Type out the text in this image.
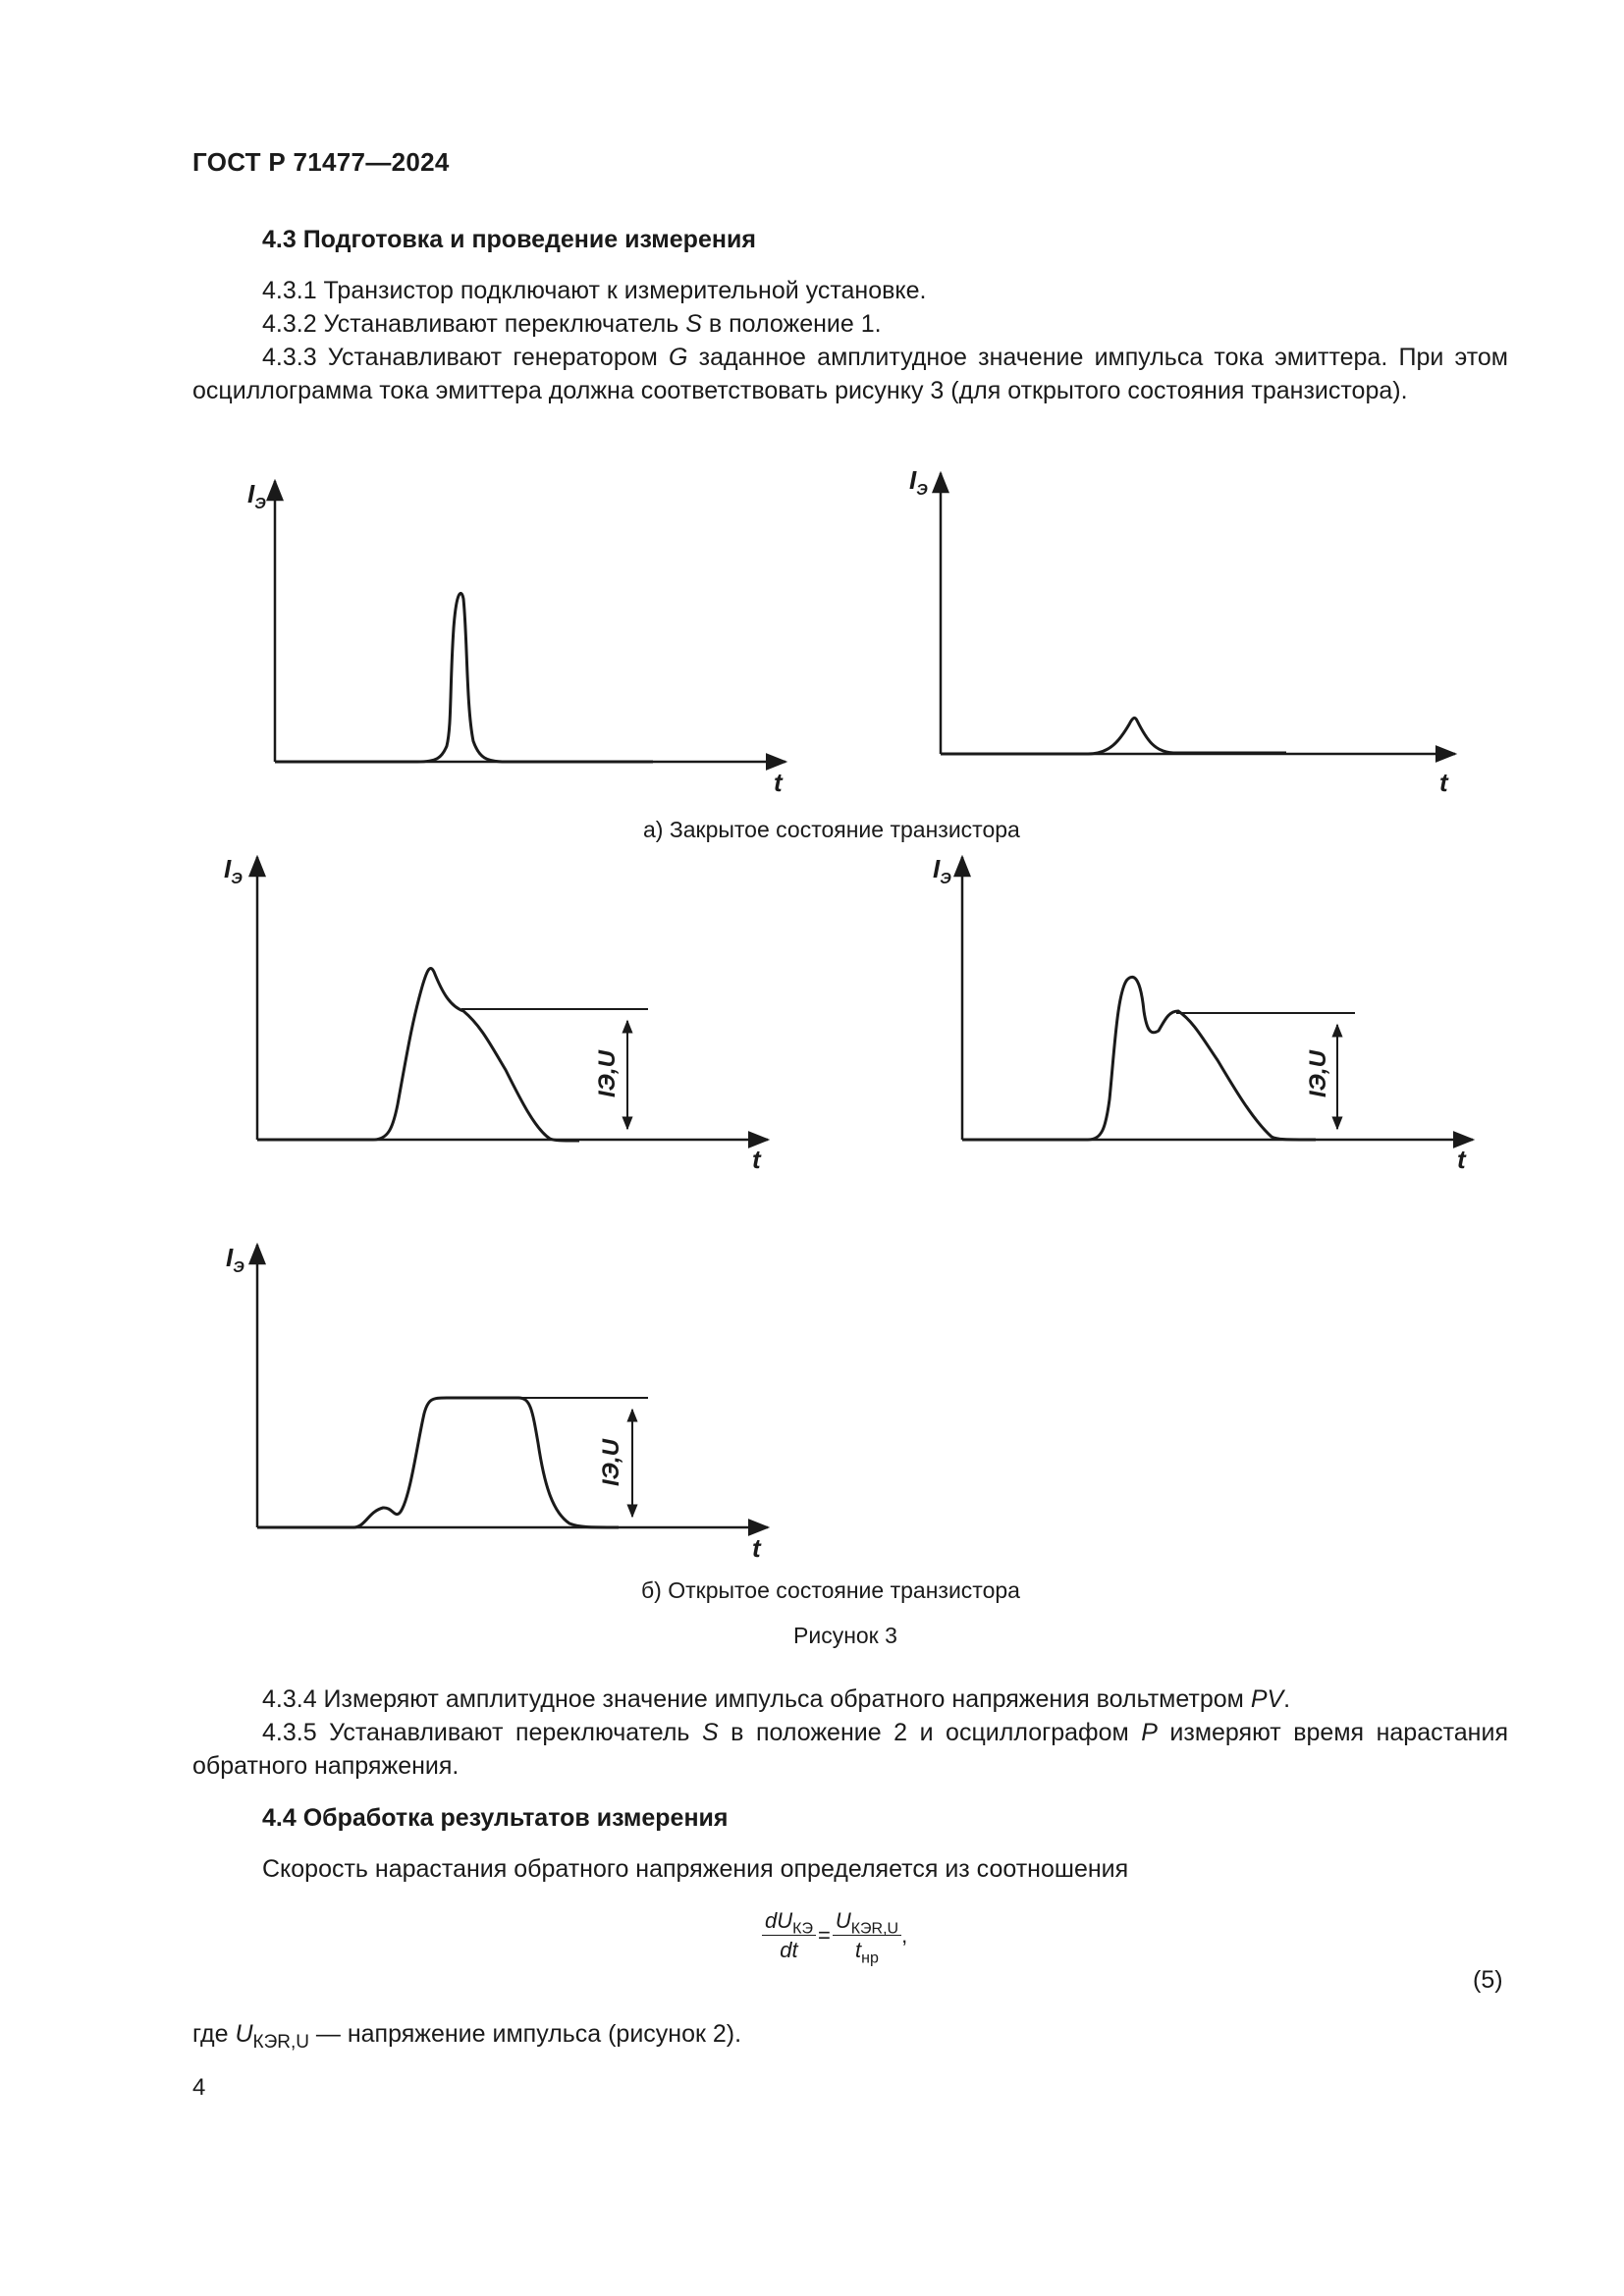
ГОСТ Р 71477—2024
4.3 Подготовка и проведение измерения
4.3.1 Транзистор подключают к измерительной установке.
4.3.2 Устанавливают переключатель S в положение 1.
4.3.3 Устанавливают генератором G заданное амплитудное значение импульса тока эмиттера. При этом осциллограмма тока эмиттера должна соответствовать рисунку 3 (для открытого состояния транзистора).
$I_Э$
t
$I_Э$
t
$I_Э$
t
IЭ,U
$I_Э$
t
IЭ,U
$I_Э$
t
IЭ,U
а) Закрытое состояние транзистора
б) Открытое состояние транзистора
Рисунок 3
4.3.4 Измеряют амплитудное значение импульса обратного напряжения вольтметром PV.
4.3.5 Устанавливают переключатель S в положение 2 и осциллографом P измеряют время нарастания обратного напряжения.
4.4 Обработка результатов измерения
Скорость нарастания обратного напряжения определяется из соотношения
$\frac{dU_{КЭ}}{dt} = \frac{U_{КЭR,U}}{t_{нр}}$ ,
(5)
где $U_{КЭR,U}$ — напряжение импульса (рисунок 2).
4
